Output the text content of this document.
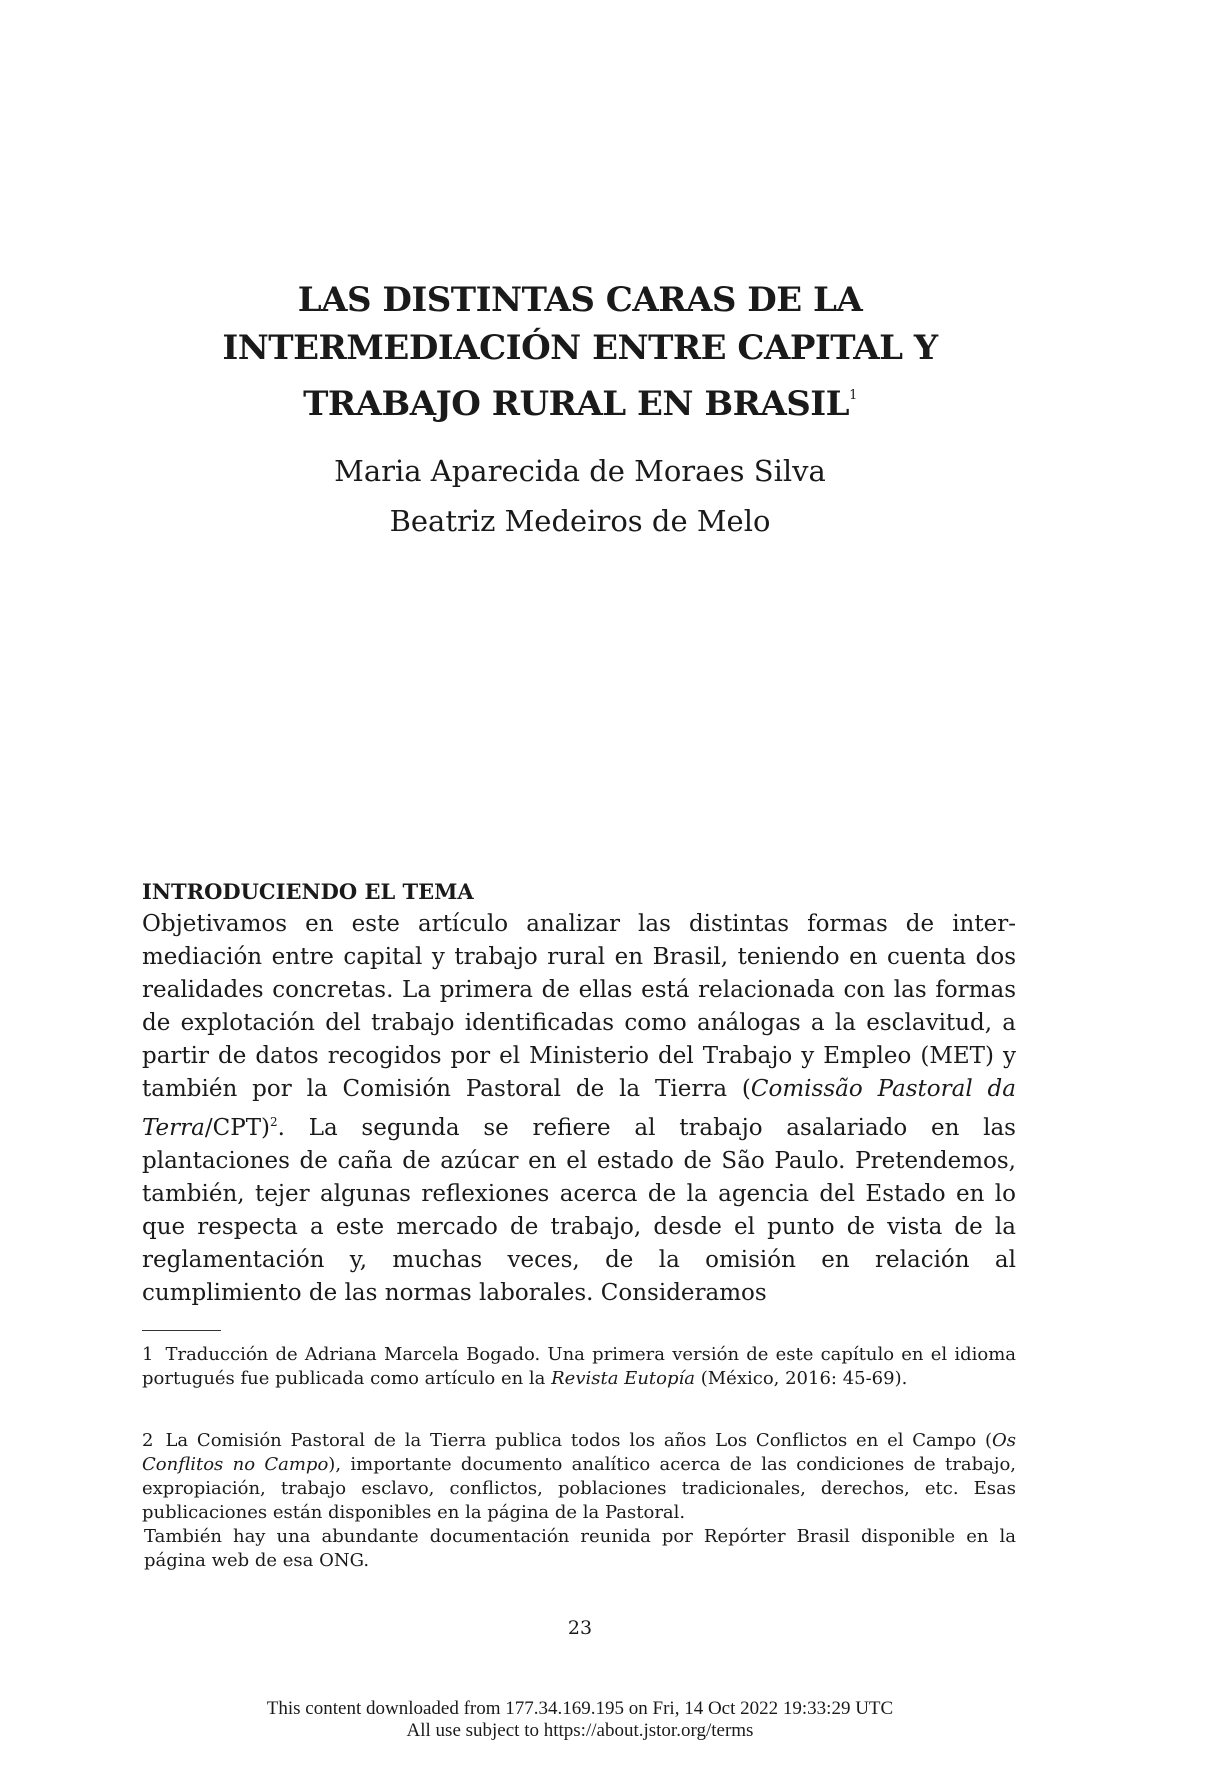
LAS DISTINTAS CARAS DE LA
INTERMEDIACIÓN ENTRE CAPITAL Y
TRABAJO RURAL EN BRASIL$^1$
Maria Aparecida de Moraes Silva
Beatriz Medeiros de Melo
INTRODUCIENDO EL TEMA
Objetivamos en este artículo analizar las distintas formas de intermediación entre capital y trabajo rural en Brasil, teniendo en cuenta dos realidades concretas. La primera de ellas está relacionada con las formas de explotación del trabajo identificadas como análogas a la esclavitud, a partir de datos recogidos por el Ministerio del Trabajo y Empleo (MET) y también por la Comisión Pastoral de la Tierra (Comissão Pastoral da Terra/CPT)$^2$. La segunda se refiere al trabajo asalariado en las plantaciones de caña de azúcar en el estado de São Paulo. Pretendemos, también, tejer algunas reflexiones acerca de la agencia del Estado en lo que respecta a este mercado de trabajo, desde el punto de vista de la reglamentación y, muchas veces, de la omisión en relación al cumplimiento de las normas laborales. Consideramos
1 Traducción de Adriana Marcela Bogado. Una primera versión de este capítulo en el idioma portugués fue publicada como artículo en la Revista Eutopía (México, 2016: 45-69).
2 La Comisión Pastoral de la Tierra publica todos los años Los Conflictos en el Campo (Os Conflitos no Campo), importante documento analítico acerca de las condiciones de trabajo, expropiación, trabajo esclavo, conflictos, poblaciones tradicionales, derechos, etc. Esas publicaciones están disponibles en la página de la Pastoral.
También hay una abundante documentación reunida por Repórter Brasil disponible en la página web de esa ONG.
23
This content downloaded from 177.34.169.195 on Fri, 14 Oct 2022 19:33:29 UTC
All use subject to https://about.jstor.org/terms
